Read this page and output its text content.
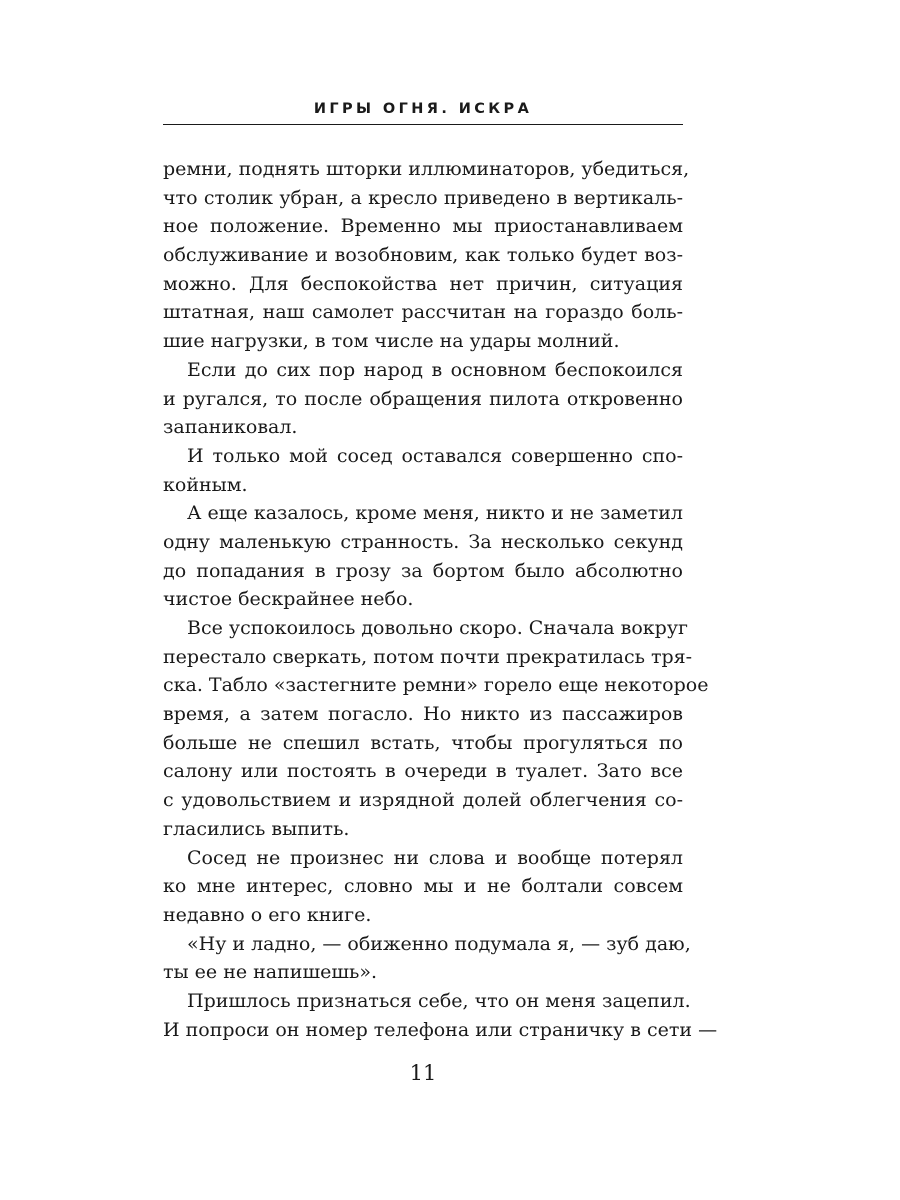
ИГРЫ ОГНЯ. ИСКРА
ремни, поднять шторки иллюминаторов, убедиться,
что столик убран, а кресло приведено в вертикаль-
ное положение. Временно мы приостанавливаем
обслуживание и возобновим, как только будет воз-
можно. Для беспокойства нет причин, ситуация
штатная, наш самолет рассчитан на гораздо боль-
шие нагрузки, в том числе на удары молний.
Если до сих пор народ в основном беспокоился
и ругался, то после обращения пилота откровенно
запаниковал.
И только мой сосед оставался совершенно спо-
койным.
А еще казалось, кроме меня, никто и не заметил
одну маленькую странность. За несколько секунд
до попадания в грозу за бортом было абсолютно
чистое бескрайнее небо.
Все успокоилось довольно скоро. Сначала вокруг
перестало сверкать, потом почти прекратилась тря-
ска. Табло «застегните ремни» горело еще некоторое
время, а затем погасло. Но никто из пассажиров
больше не спешил встать, чтобы прогуляться по
салону или постоять в очереди в туалет. Зато все
с удовольствием и изрядной долей облегчения со-
гласились выпить.
Сосед не произнес ни слова и вообще потерял
ко мне интерес, словно мы и не болтали совсем
недавно о его книге.
«Ну и ладно, — обиженно подумала я, — зуб даю,
ты ее не напишешь».
Пришлось признаться себе, что он меня зацепил.
И попроси он номер телефона или страничку в сети —
11
